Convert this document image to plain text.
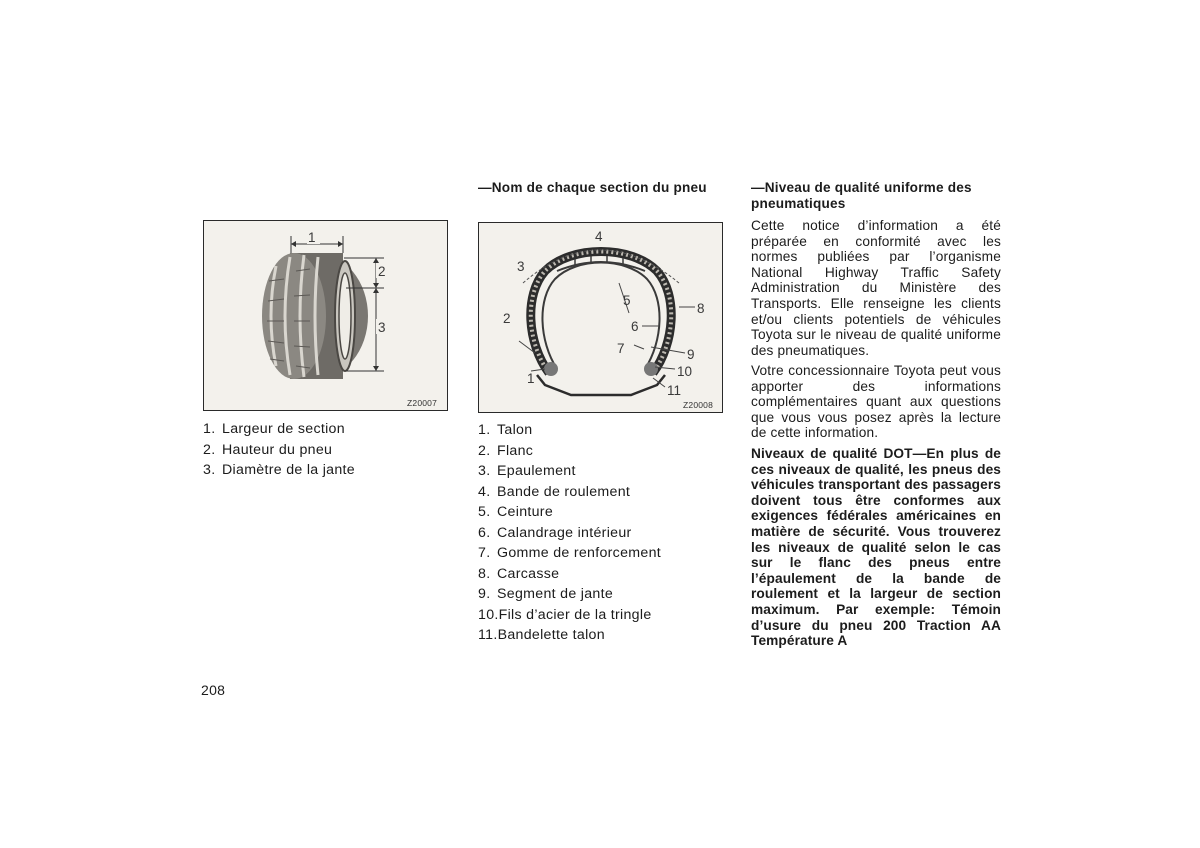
1
2
3
Z20007
1. Largeur de section
2. Hauteur du pneu
3. Diamètre de la jante
—Nom de chaque section du pneu
1
2
3
4
5
6
7
8
9
10
11
Z20008
1. Talon
2. Flanc
3. Epaulement
4. Bande de roulement
5. Ceinture
6. Calandrage intérieur
7. Gomme de renforcement
8. Carcasse
9. Segment de jante
10. Fils d’acier de la tringle
11. Bandelette talon
—Niveau de qualité uniforme des pneumatiques

Cette notice d’information a été préparée en conformité avec les normes publiées par l’organisme National Highway Traffic Safety Administration du Ministère des Transports. Elle renseigne les clients et/ou clients potentiels de véhicules Toyota sur le niveau de qualité uniforme des pneumatiques.

Votre concessionnaire Toyota peut vous apporter des informations complémentaires quant aux questions que vous vous posez après la lecture de cette information.

Niveaux de qualité DOT—En plus de ces niveaux de qualité, les pneus des véhicules transportant des passagers doivent tous être conformes aux exigences fédérales américaines en matière de sécurité. Vous trouverez les niveaux de qualité selon le cas sur le flanc des pneus entre l’épaulement de la bande de roulement et la largeur de section maximum. Par exemple: Témoin d’usure du pneu 200 Traction AA Température A

208
